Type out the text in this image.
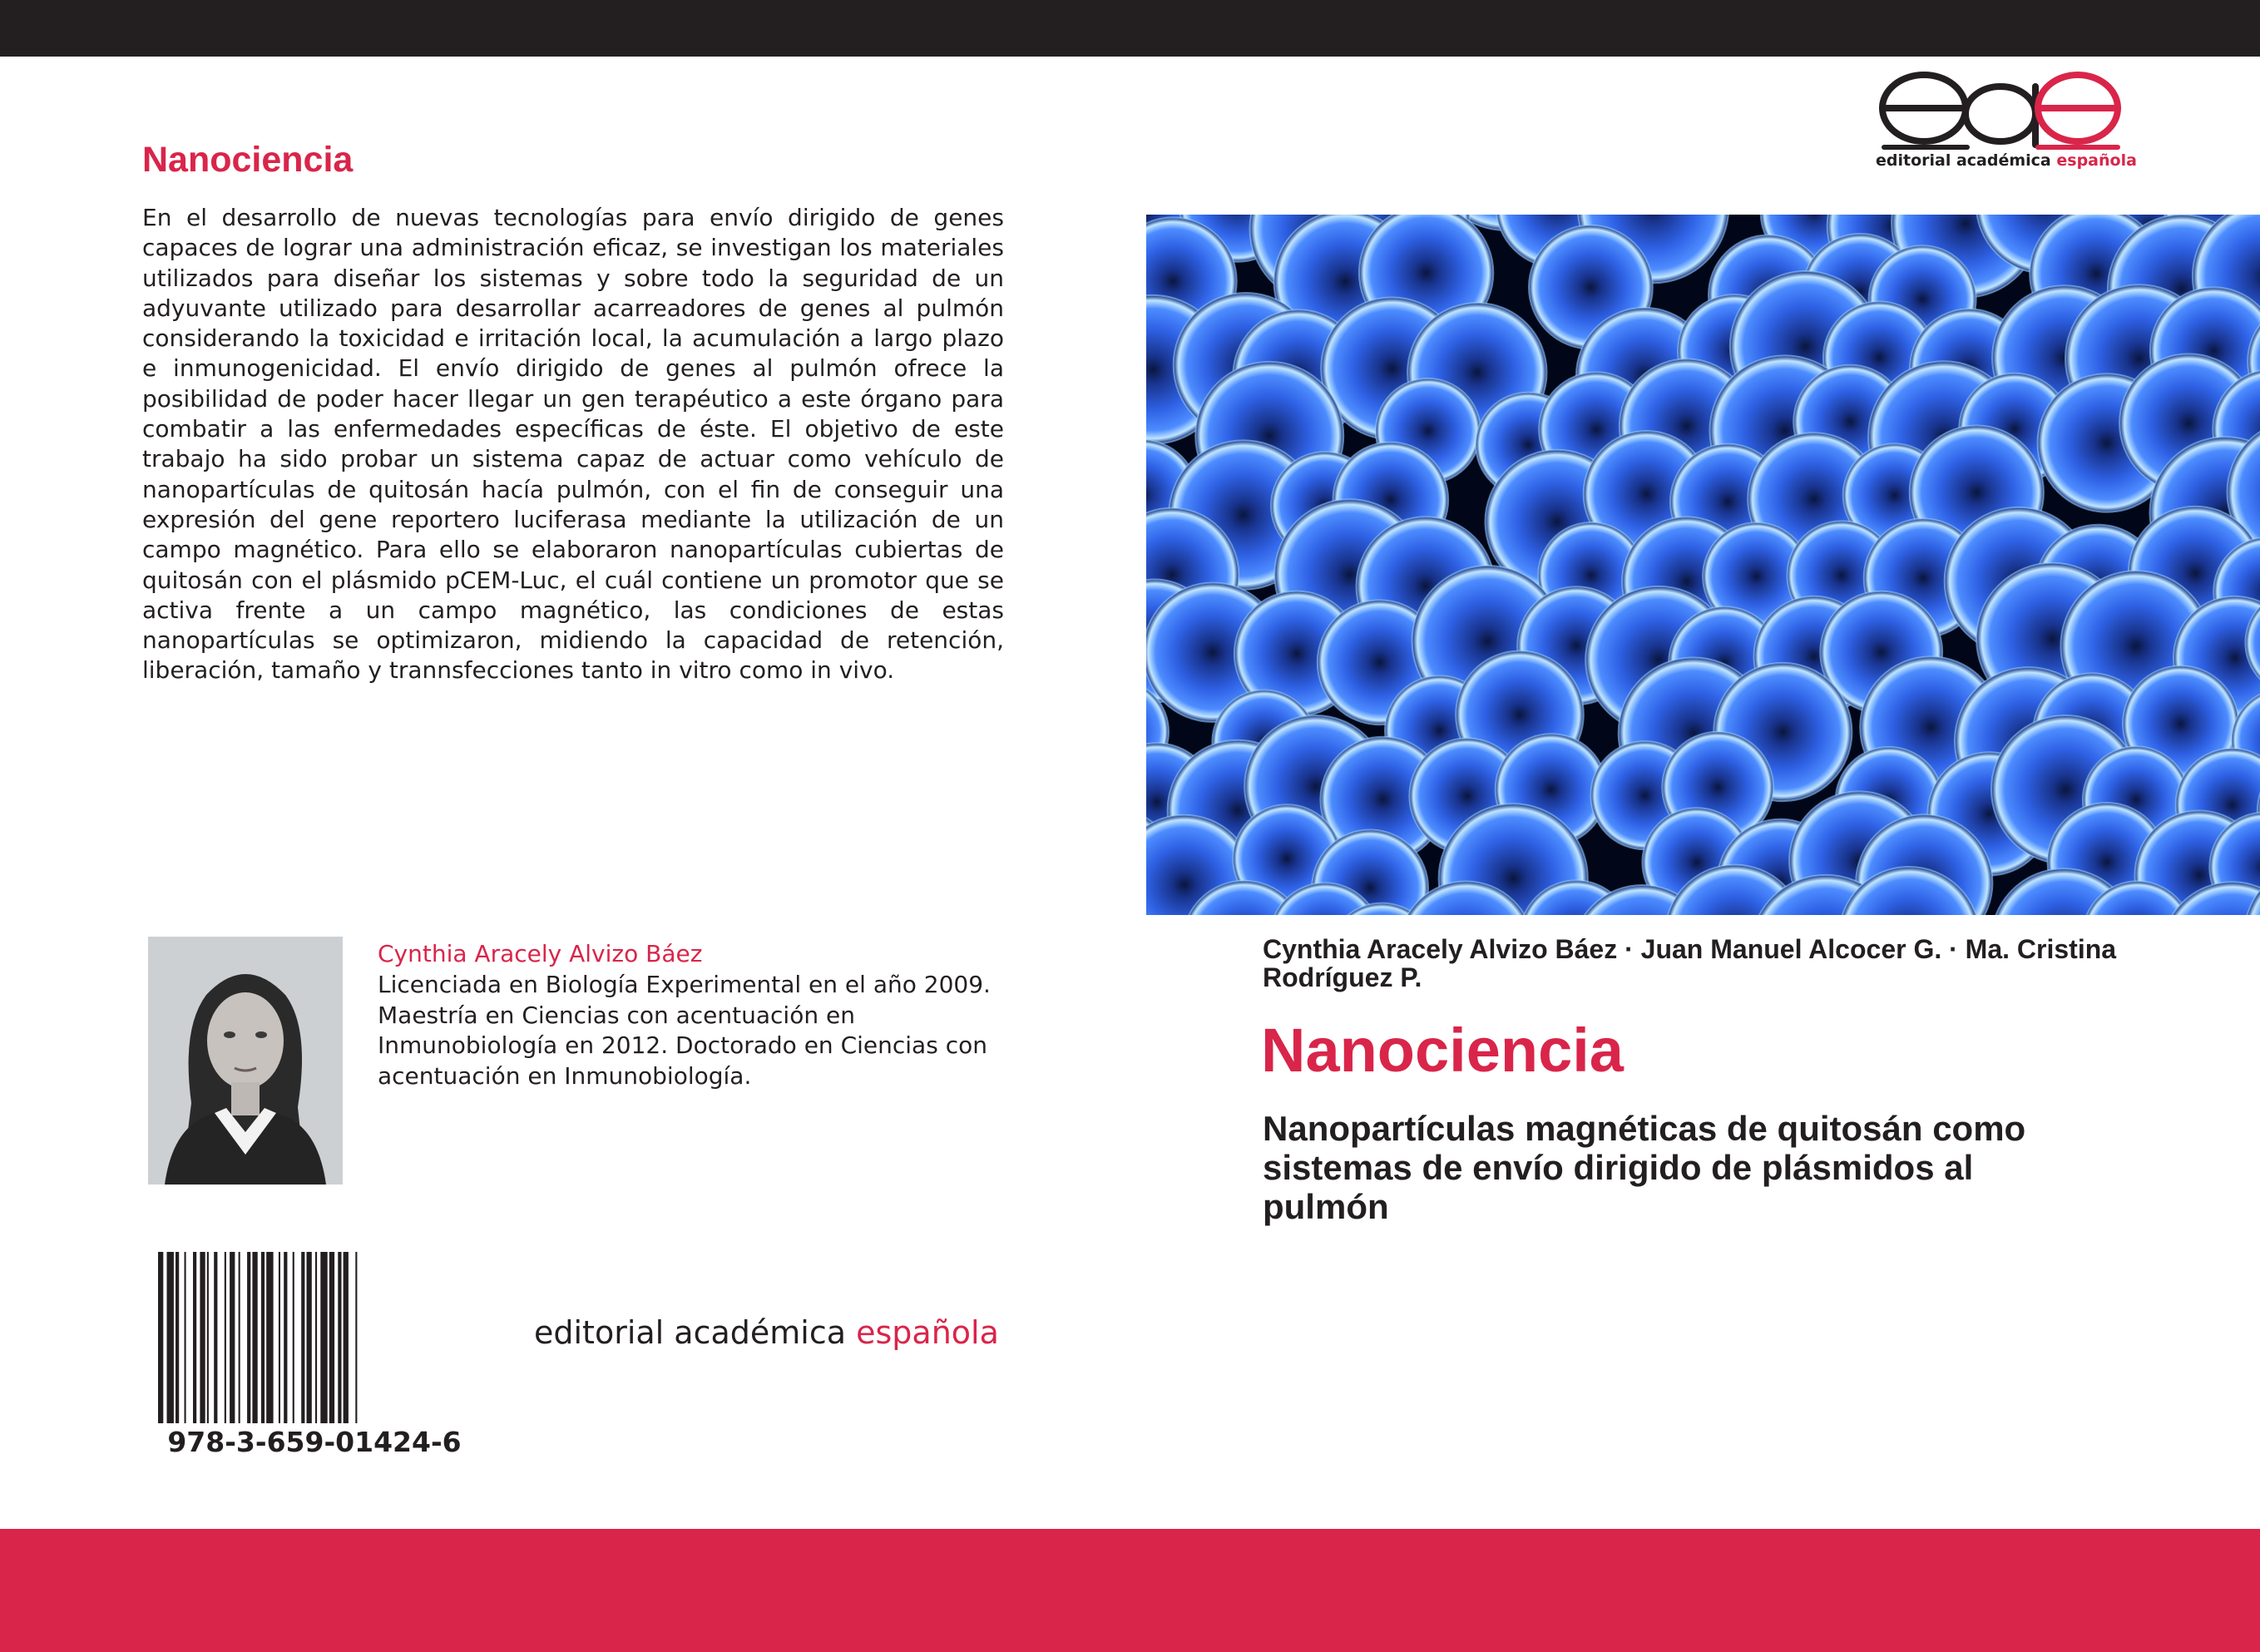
Nanociencia

En el desarrollo de nuevas tecnologías para envío dirigido de genes capaces de lograr una administración eficaz, se investigan los materiales utilizados para diseñar los sistemas y sobre todo la seguridad de un adyuvante utilizado para desarrollar acarreadores de genes al pulmón considerando la toxicidad e irritación local, la acumulación a largo plazo e inmunogenicidad. El envío dirigido de genes al pulmón ofrece la posibilidad de poder hacer llegar un gen terapéutico a este órgano para combatir a las enfermedades específicas de éste. El objetivo de este trabajo ha sido probar un sistema capaz de actuar como vehículo de nanopartículas de quitosán hacía pulmón, con el fin de conseguir una expresión del gene reportero luciferasa mediante la utilización de un campo magnético. Para ello se elaboraron nanopartículas cubiertas de quitosán con el plásmido pCEM-Luc, el cuál contiene un promotor que se activa frente a un campo magnético, las condiciones de estas nanopartículas se optimizaron, midiendo la capacidad de retención, liberación, tamaño y trannsfecciones tanto in vitro como in vivo.

editorial académica española

Cynthia Aracely Alvizo Báez

Licenciada en Biología Experimental en el año 2009. Maestría en Ciencias con acentuación en Inmunobiología en 2012. Doctorado en Ciencias con acentuación en Inmunobiología.

978-3-659-01424-6

editorial académica española

Cynthia Aracely Alvizo Báez · Juan Manuel Alcocer G. · Ma. Cristina Rodríguez P.

Nanociencia

Nanopartículas magnéticas de quitosán como sistemas de envío dirigido de plásmidos al pulmón
